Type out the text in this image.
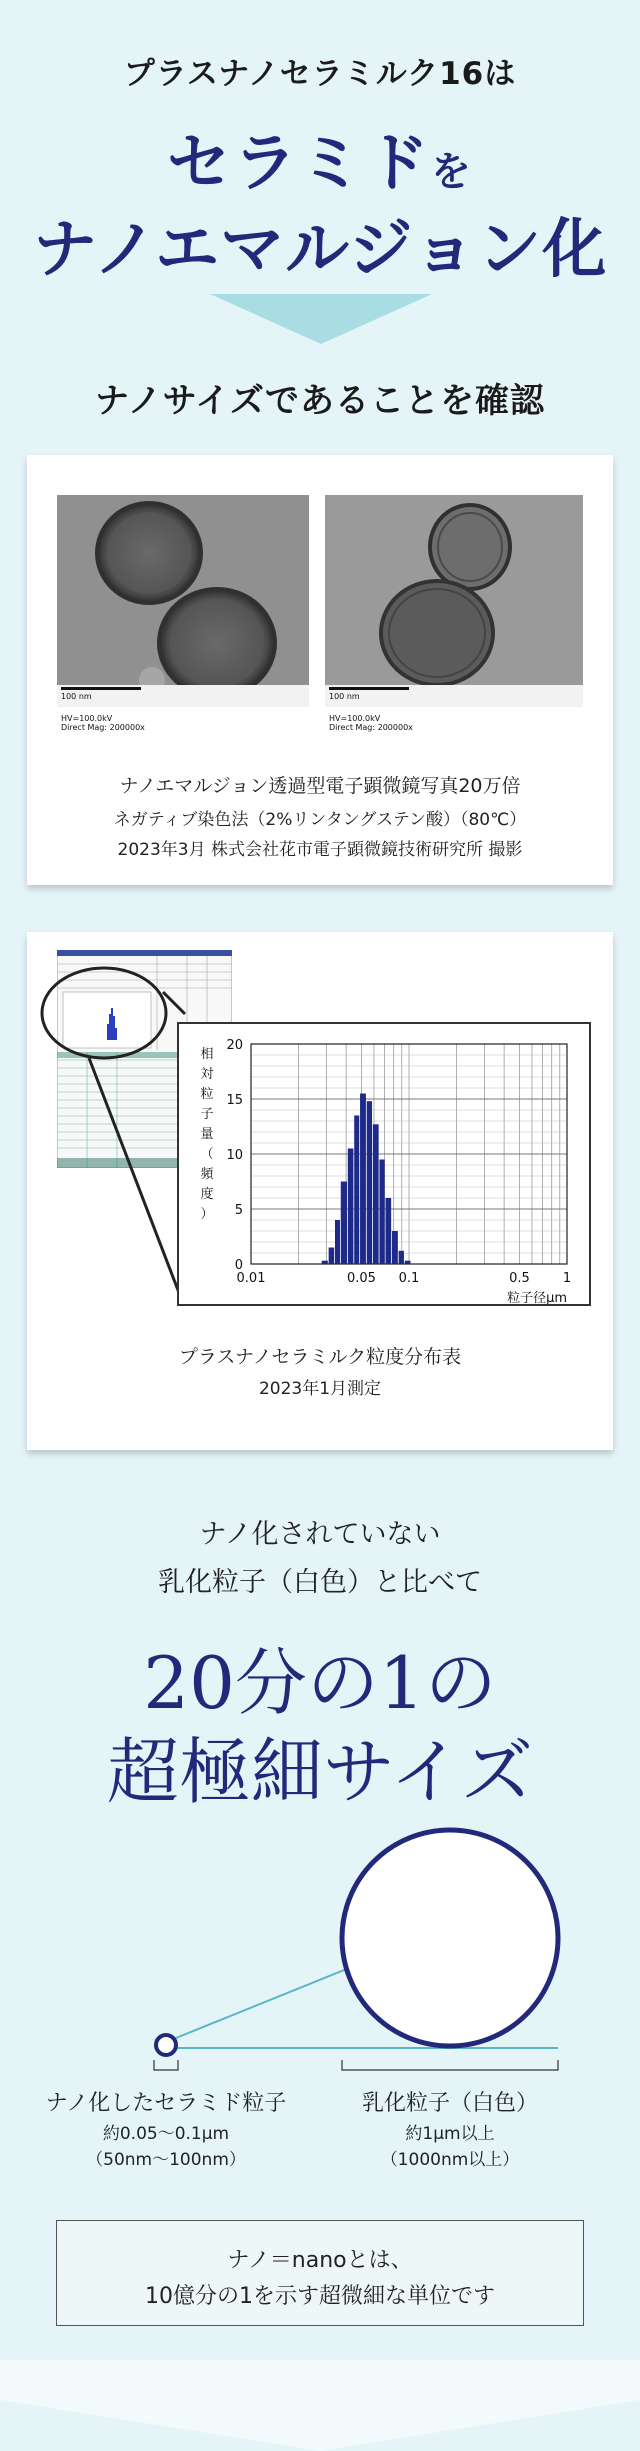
プラスナノセラミルク16は
セラミドを
ナノエマルジョン化
ナノサイズであることを確認
100 nm
HV=100.0kV
Direct Mag: 200000x
100 nm
HV=100.0kV
Direct Mag: 200000x
ナノエマルジョン透過型電子顕微鏡写真20万倍
ネガティブ染色法（2%リンタングステン酸）（80℃）
2023年3月 株式会社花市電子顕微鏡技術研究所 撮影
20
15
10
5
0
0.01	0.05 0.1	0.5	1
相
対
粒
子
量
（
頻
度
）
粒子径μm
プラスナノセラミルク粒度分布表
2023年1月測定
ナノ化されていない
乳化粒子（白色）と比べて
20分の1の
超極細サイズ
ナノ化したセラミド粒子
約0.05〜0.1μm
（50nm〜100nm）
乳化粒子（白色）
約1μm以上
（1000nm以上）
ナノ＝nanoとは、
10億分の1を示す超微細な単位です
